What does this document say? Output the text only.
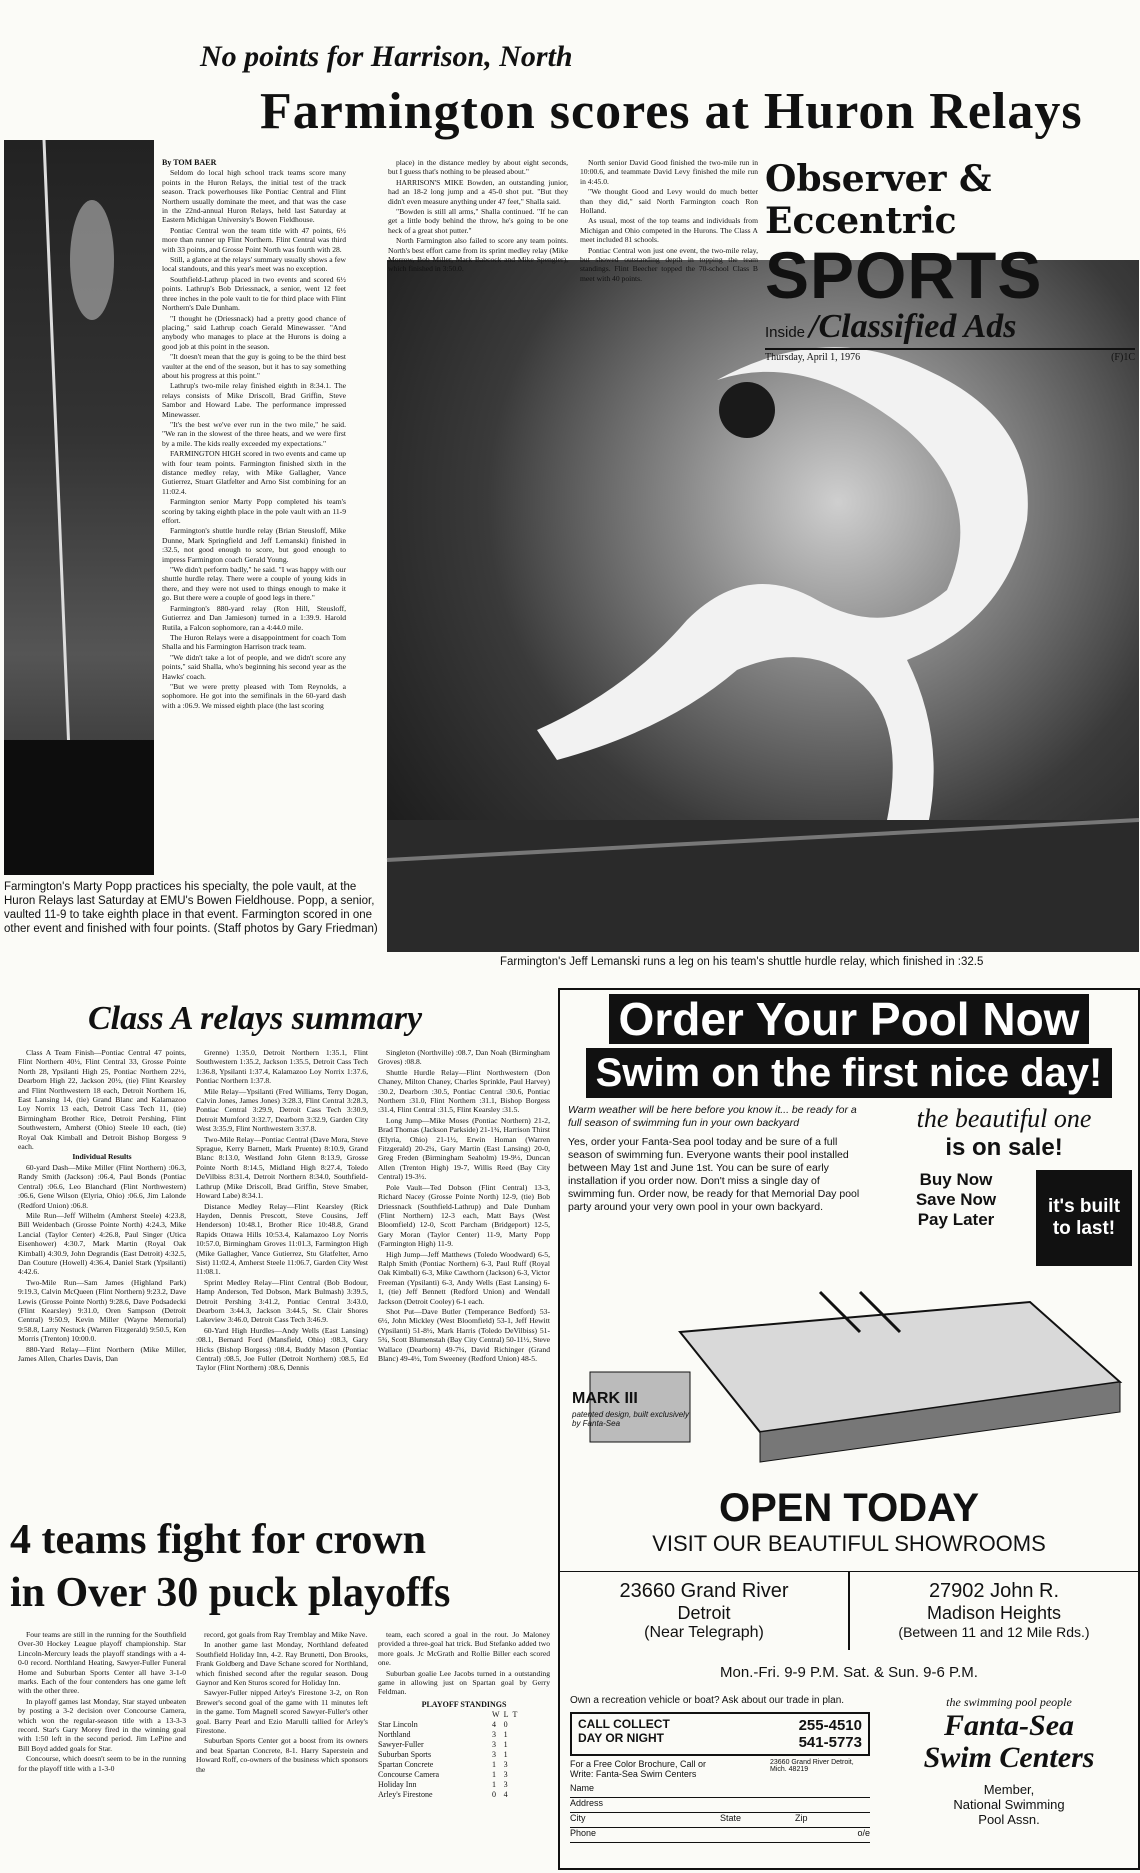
No points for Harrison, North
Farmington scores at Huron Relays
Farmington's Marty Popp practices his specialty, the pole vault, at the Huron Relays last Saturday at EMU's Bowen Fieldhouse. Popp, a senior, vaulted 11-9 to take eighth place in that event. Farmington scored in one other event and finished with four points. (Staff photos by Gary Friedman)
Farmington's Jeff Lemanski runs a leg on his team's shuttle hurdle relay, which finished in :32.5

By TOM BAER

Seldom do local high school track teams score many points in the Huron Relays, the initial test of the track season. Track powerhouses like Pontiac Central and Flint Northern usually dominate the meet, and that was the case in the 22nd-annual Huron Relays, held last Saturday at Eastern Michigan University's Bowen Fieldhouse.

Pontiac Central won the team title with 47 points, 6½ more than runner up Flint Northern. Flint Central was third with 33 points, and Grosse Point North was fourth with 28.

Still, a glance at the relays' summary usually shows a few local standouts, and this year's meet was no exception.

Southfield-Lathrup placed in two events and scored 6½ points. Lathrup's Bob Driessnack, a senior, went 12 feet three inches in the pole vault to tie for third place with Flint Northern's Dale Dunham.

"I thought he (Driessnack) had a pretty good chance of placing," said Lathrup coach Gerald Minewasser. "And anybody who manages to place at the Hurons is doing a good job at this point in the season.

"It doesn't mean that the guy is going to be the third best vaulter at the end of the season, but it has to say something about his progress at this point."

Lathrup's two-mile relay finished eighth in 8:34.1. The relays consists of Mike Driscoll, Brad Griffin, Steve Sambor and Howard Labe. The performance impressed Minewasser.

"It's the best we've ever run in the two mile," he said. "We ran in the slowest of the three heats, and we were first by a mile. The kids really exceeded my expectations."

FARMINGTON HIGH scored in two events and came up with four team points. Farmington finished sixth in the distance medley relay, with Mike Gallagher, Vance Gutierrez, Stuart Glatfelter and Arno Sist combining for an 11:02.4.

Farmington senior Marty Popp completed his team's scoring by taking eighth place in the pole vault with an 11-9 effort.

Farmington's shuttle hurdle relay (Brian Steusloff, Mike Dunne, Mark Springfield and Jeff Lemanski) finished in :32.5, not good enough to score, but good enough to impress Farmington coach Gerald Young.

"We didn't perform badly," he said. "I was happy with our shuttle hurdle relay. There were a couple of young kids in there, and they were not used to things enough to make it go. But there were a couple of good legs in there."

Farmington's 880-yard relay (Ron Hill, Steusloff, Gutierrez and Dan Jamieson) turned in a 1:39.9. Harold Rutila, a Falcon sophomore, ran a 4:44.0 mile.

The Huron Relays were a disappointment for coach Tom Shalla and his Farmington Harrison track team.

"We didn't take a lot of people, and we didn't score any points," said Shalla, who's beginning his second year as the Hawks' coach.

"But we were pretty pleased with Tom Reynolds, a sophomore. He got into the semifinals in the 60-yard dash with a :06.9. We missed eighth place (the last scoring

place) in the distance medley by about eight seconds, but I guess that's nothing to be pleased about."

HARRISON'S MIKE Bowden, an outstanding junior, had an 18-2 long jump and a 45-0 shot put. "But they didn't even measure anything under 47 feet," Shalla said.

"Bowden is still all arms," Shalla continued. "If he can get a little body behind the throw, he's going to be one heck of a great shot putter."

North Farmington also failed to score any team points. North's best effort came from its sprint medley relay (Mike Morrow, Bob Miller, Mark Babcock and Mike Spengler), which finished in 3:50.0.

North senior David Good finished the two-mile run in 10:00.6, and teammate David Levy finished the mile run in 4:45.0.

"We thought Good and Levy would do much better than they did," said North Farmington coach Ron Holland.

As usual, most of the top teams and individuals from Michigan and Ohio competed in the Hurons. The Class A meet included 81 schools.

Pontiac Central won just one event, the two-mile relay, but showed outstanding depth in topping the team standings. Flint Beecher topped the 70-school Class B meet with 40 points.

Observer & Eccentric
SPORTS
Inside /Classified Ads
Thursday, April 1, 1976	(F)1C
Class A relays summary

Class A Team Finish—Pontiac Central 47 points, Flint Northern 40½, Flint Central 33, Grosse Pointe North 28, Ypsilanti High 25, Pontiac Northern 22½, Dearborn High 22, Jackson 20½, (tie) Flint Kearsley and Flint Northwestern 18 each, Detroit Northern 16, East Lansing 14, (tie) Grand Blanc and Kalamazoo Loy Norrix 13 each, Detroit Cass Tech 11, (tie) Birmingham Brother Rice, Detroit Pershing, Flint Southwestern, Amherst (Ohio) Steele 10 each, (tie) Royal Oak Kimball and Detroit Bishop Borgess 9 each.

Individual Results

60-yard Dash—Mike Miller (Flint Northern) :06.3, Randy Smith (Jackson) :06.4, Paul Bonds (Pontiac Central) :06.6, Leo Blanchard (Flint Northwestern) :06.6, Gene Wilson (Elyria, Ohio) :06.6, Jim Lalonde (Redford Union) :06.8.

Mile Run—Jeff Wilhelm (Amherst Steele) 4:23.8, Bill Weidenbach (Grosse Pointe North) 4:24.3, Mike Lancial (Taylor Center) 4:26.8, Paul Singer (Utica Eisenhower) 4:30.7, Mark Martin (Royal Oak Kimball) 4:30.9, John Degrandis (East Detroit) 4:32.5, Dan Couture (Howell) 4:36.4, Daniel Stark (Ypsilanti) 4:42.6.

Two-Mile Run—Sam James (Highland Park) 9:19.3, Calvin McQueen (Flint Northern) 9:23.2, Dave Lewis (Grosse Pointe North) 9:28.6, Dave Podsadecki (Flint Kearsley) 9:31.0, Oren Sampson (Detroit Central) 9:50.9, Kevin Miller (Wayne Memorial) 9:58.8, Larry Nestuck (Warren Fitzgerald) 9:50.5, Ken Morris (Trenton) 10:00.0.

880-Yard Relay—Flint Northern (Mike Miller, James Allen, Charles Davis, Dan

Grenne) 1:35.0, Detroit Northern 1:35.1, Flint Southwestern 1:35.2, Jackson 1:35.5, Detroit Cass Tech 1:36.8, Ypsilanti 1:37.4, Kalamazoo Loy Norrix 1:37.6, Pontiac Northern 1:37.8.

Mile Relay—Ypsilanti (Fred Williams, Terry Dogan, Calvin Jones, James Jones) 3:28.3, Flint Central 3:28.3, Pontiac Central 3:29.9, Detroit Cass Tech 3:30.9, Detroit Mumford 3:32.7, Dearborn 3:32.9, Garden City West 3:35.9, Flint Northwestern 3:37.8.

Two-Mile Relay—Pontiac Central (Dave Mora, Steve Sprague, Kerry Barnett, Mark Pruente) 8:10.9, Grand Blanc 8:13.0, Westland John Glenn 8:13.9, Grosse Pointe North 8:14.5, Midland High 8:27.4, Toledo DeVilbiss 8:31.4, Detroit Northern 8:34.0, Southfield-Lathrup (Mike Driscoll, Brad Griffin, Steve Smaber, Howard Labe) 8:34.1.

Distance Medley Relay—Flint Kearsley (Rick Hayden, Dennis Prescott, Steve Cousins, Jeff Henderson) 10:48.1, Brother Rice 10:48.8, Grand Rapids Ottawa Hills 10:53.4, Kalamazoo Loy Norris 10:57.0, Birmingham Groves 11:01.3, Farmington High (Mike Gallagher, Vance Gutierrez, Stu Glatfelter, Arno Sist) 11:02.4, Amherst Steele 11:06.7, Garden City West 11:08.1.

Sprint Medley Relay—Flint Central (Bob Bodour, Hamp Anderson, Ted Dobson, Mark Bulmash) 3:39.5, Detroit Pershing 3:41.2, Pontiac Central 3:43.0, Dearborn 3:44.3, Jackson 3:44.5, St. Clair Shores Lakeview 3:46.0, Detroit Cass Tech 3:46.9.

60-Yard High Hurdles—Andy Wells (East Lansing) :08.1, Bernard Ford (Mansfield, Ohio) :08.3, Gary Hicks (Bishop Borgess) :08.4, Buddy Mason (Pontiac Central) :08.5, Joe Fuller (Detroit Northern) :08.5, Ed Taylor (Flint Northern) :08.6, Dennis

Singleton (Northville) :08.7, Dan Noah (Birmingham Groves) :08.8.

Shuttle Hurdle Relay—Flint Northwestern (Don Chaney, Milton Chaney, Charles Sprinkle, Paul Harvey) :30.2, Dearborn :30.5, Pontiac Central :30.6, Pontiac Northern :31.0, Flint Northern :31.1, Bishop Borgess :31.4, Flint Central :31.5, Flint Kearsley :31.5.

Long Jump—Mike Moses (Pontiac Northern) 21-2, Brad Thomas (Jackson Parkside) 21-1¾, Harrison Thirst (Elyria, Ohio) 21-1½, Erwin Homan (Warren Fitzgerald) 20-2¼, Gary Martin (East Lansing) 20-0, Greg Freden (Birmingham Seaholm) 19-9½, Duncan Allen (Trenton High) 19-7, Willis Reed (Bay City Central) 19-3½.

Pole Vault—Ted Dobson (Flint Central) 13-3, Richard Nacey (Grosse Pointe North) 12-9, (tie) Bob Driessnack (Southfield-Lathrup) and Dale Dunham (Flint Northern) 12-3 each, Matt Bays (West Bloomfield) 12-0, Scott Parcham (Bridgeport) 12-5, Gary Moran (Taylor Center) 11-9, Marty Popp (Farmington High) 11-9.

High Jump—Jeff Matthews (Toledo Woodward) 6-5, Ralph Smith (Pontiac Northern) 6-3, Paul Ruff (Royal Oak Kimball) 6-3, Mike Cawthorn (Jackson) 6-3, Victor Freeman (Ypsilanti) 6-3, Andy Wells (East Lansing) 6-1, (tie) Jeff Bennett (Redford Union) and Wendall Jackson (Detroit Cooley) 6-1 each.

Shot Put—Dave Butler (Temperance Bedford) 53-6½, John Mickley (West Bloomfield) 53-1, Jeff Hewitt (Ypsilanti) 51-8½, Mark Harris (Toledo DeVilbiss) 51-5¾, Scott Blumenstah (Bay City Central) 50-11½, Steve Wallace (Dearborn) 49-7¼, David Richinger (Grand Blanc) 49-4½, Tom Sweeney (Redford Union) 48-5.

4 teams fight for crown
in Over 30 puck playoffs

Four teams are still in the running for the Southfield Over-30 Hockey League playoff championship. Star Lincoln-Mercury leads the playoff standings with a 4-0-0 record. Northland Heating, Sawyer-Fuller Funeral Home and Suburban Sports Center all have 3-1-0 marks. Each of the four contenders has one game left with the other three.

In playoff games last Monday, Star stayed unbeaten by posting a 3-2 decision over Concourse Camera, which won the regular-season title with a 13-3-3 record. Star's Gary Morey fired in the winning goal with 1:50 left in the second period. Jim LePine and Bill Boyd added goals for Star.

Concourse, which doesn't seem to be in the running for the playoff title with a 1-3-0

record, got goals from Ray Tremblay and Mike Nave.

In another game last Monday, Northland defeated Southfield Holiday Inn, 4-2. Ray Brunetti, Don Brooks, Frank Goldberg and Dave Schane scored for Northland, which finished second after the regular season. Doug Gaynor and Ken Sturos scored for Holiday Inn.

Sawyer-Fuller nipped Arley's Firestone 3-2, on Ron Brewer's second goal of the game with 11 minutes left in the game. Tom Magnell scored Sawyer-Fuller's other goal. Barry Pearl and Ezio Marulli tallied for Arley's Firestone.

Suburban Sports Center got a boost from its owners and beat Spartan Concrete, 8-1. Harry Saperstein and Howard Roff, co-owners of the business which sponsors the

team, each scored a goal in the rout. Jo Maloney provided a three-goal hat trick. Bud Stefanko added two more goals. Jc McGrath and Rollie Biller each scored one.

Suburban goalie Lee Jacobs turned in a outstanding game in allowing just on Spartan goal by Gerry Feldman.

PLAYOFF STANDINGS
	W	L	T
Star Lincoln	4	0	
Northland	3	1	
Sawyer-Fuller	3	1	
Suburban Sports	3	1	
Spartan Concrete	1	3	
Concourse Camera	1	3	
Holiday Inn	1	3	
Arley's Firestone	0	4	
Order Your Pool Now
Swim on the first nice day!
Warm weather will be here before you know it... be ready for a full season of swimming fun in your own backyard
Yes, order your Fanta-Sea pool today and be sure of a full season of swimming fun. Everyone wants their pool installed between May 1st and June 1st. You can be sure of early installation if you order now. Don't miss a single day of swimming fun. Order now, be ready for that Memorial Day pool party around your very own pool in your own backyard.
the beautiful one
is on sale!
Buy Now
Save Now
Pay Later
it's built to last!
MARK III
patented design, built exclusively by Fanta-Sea
OPEN TODAY
VISIT OUR BEAUTIFUL SHOWROOMS
23660 Grand River
Detroit
(Near Telegraph)
27902 John R.
Madison Heights
(Between 11 and 12 Mile Rds.)
Mon.-Fri. 9-9 P.M. Sat. & Sun. 9-6 P.M.
Own a recreation vehicle or boat? Ask about our trade in plan.
CALL COLLECT
DAY OR NIGHT
255-4510
541-5773
For a Free Color Brochure, Call or Write: Fanta-Sea Swim Centers
23660 Grand River Detroit, Mich. 48219
Name
Address
City	State	Zip
Phone	o/e
the swimming pool people
Fanta-Sea
Swim Centers
Member,
National Swimming
Pool Assn.
